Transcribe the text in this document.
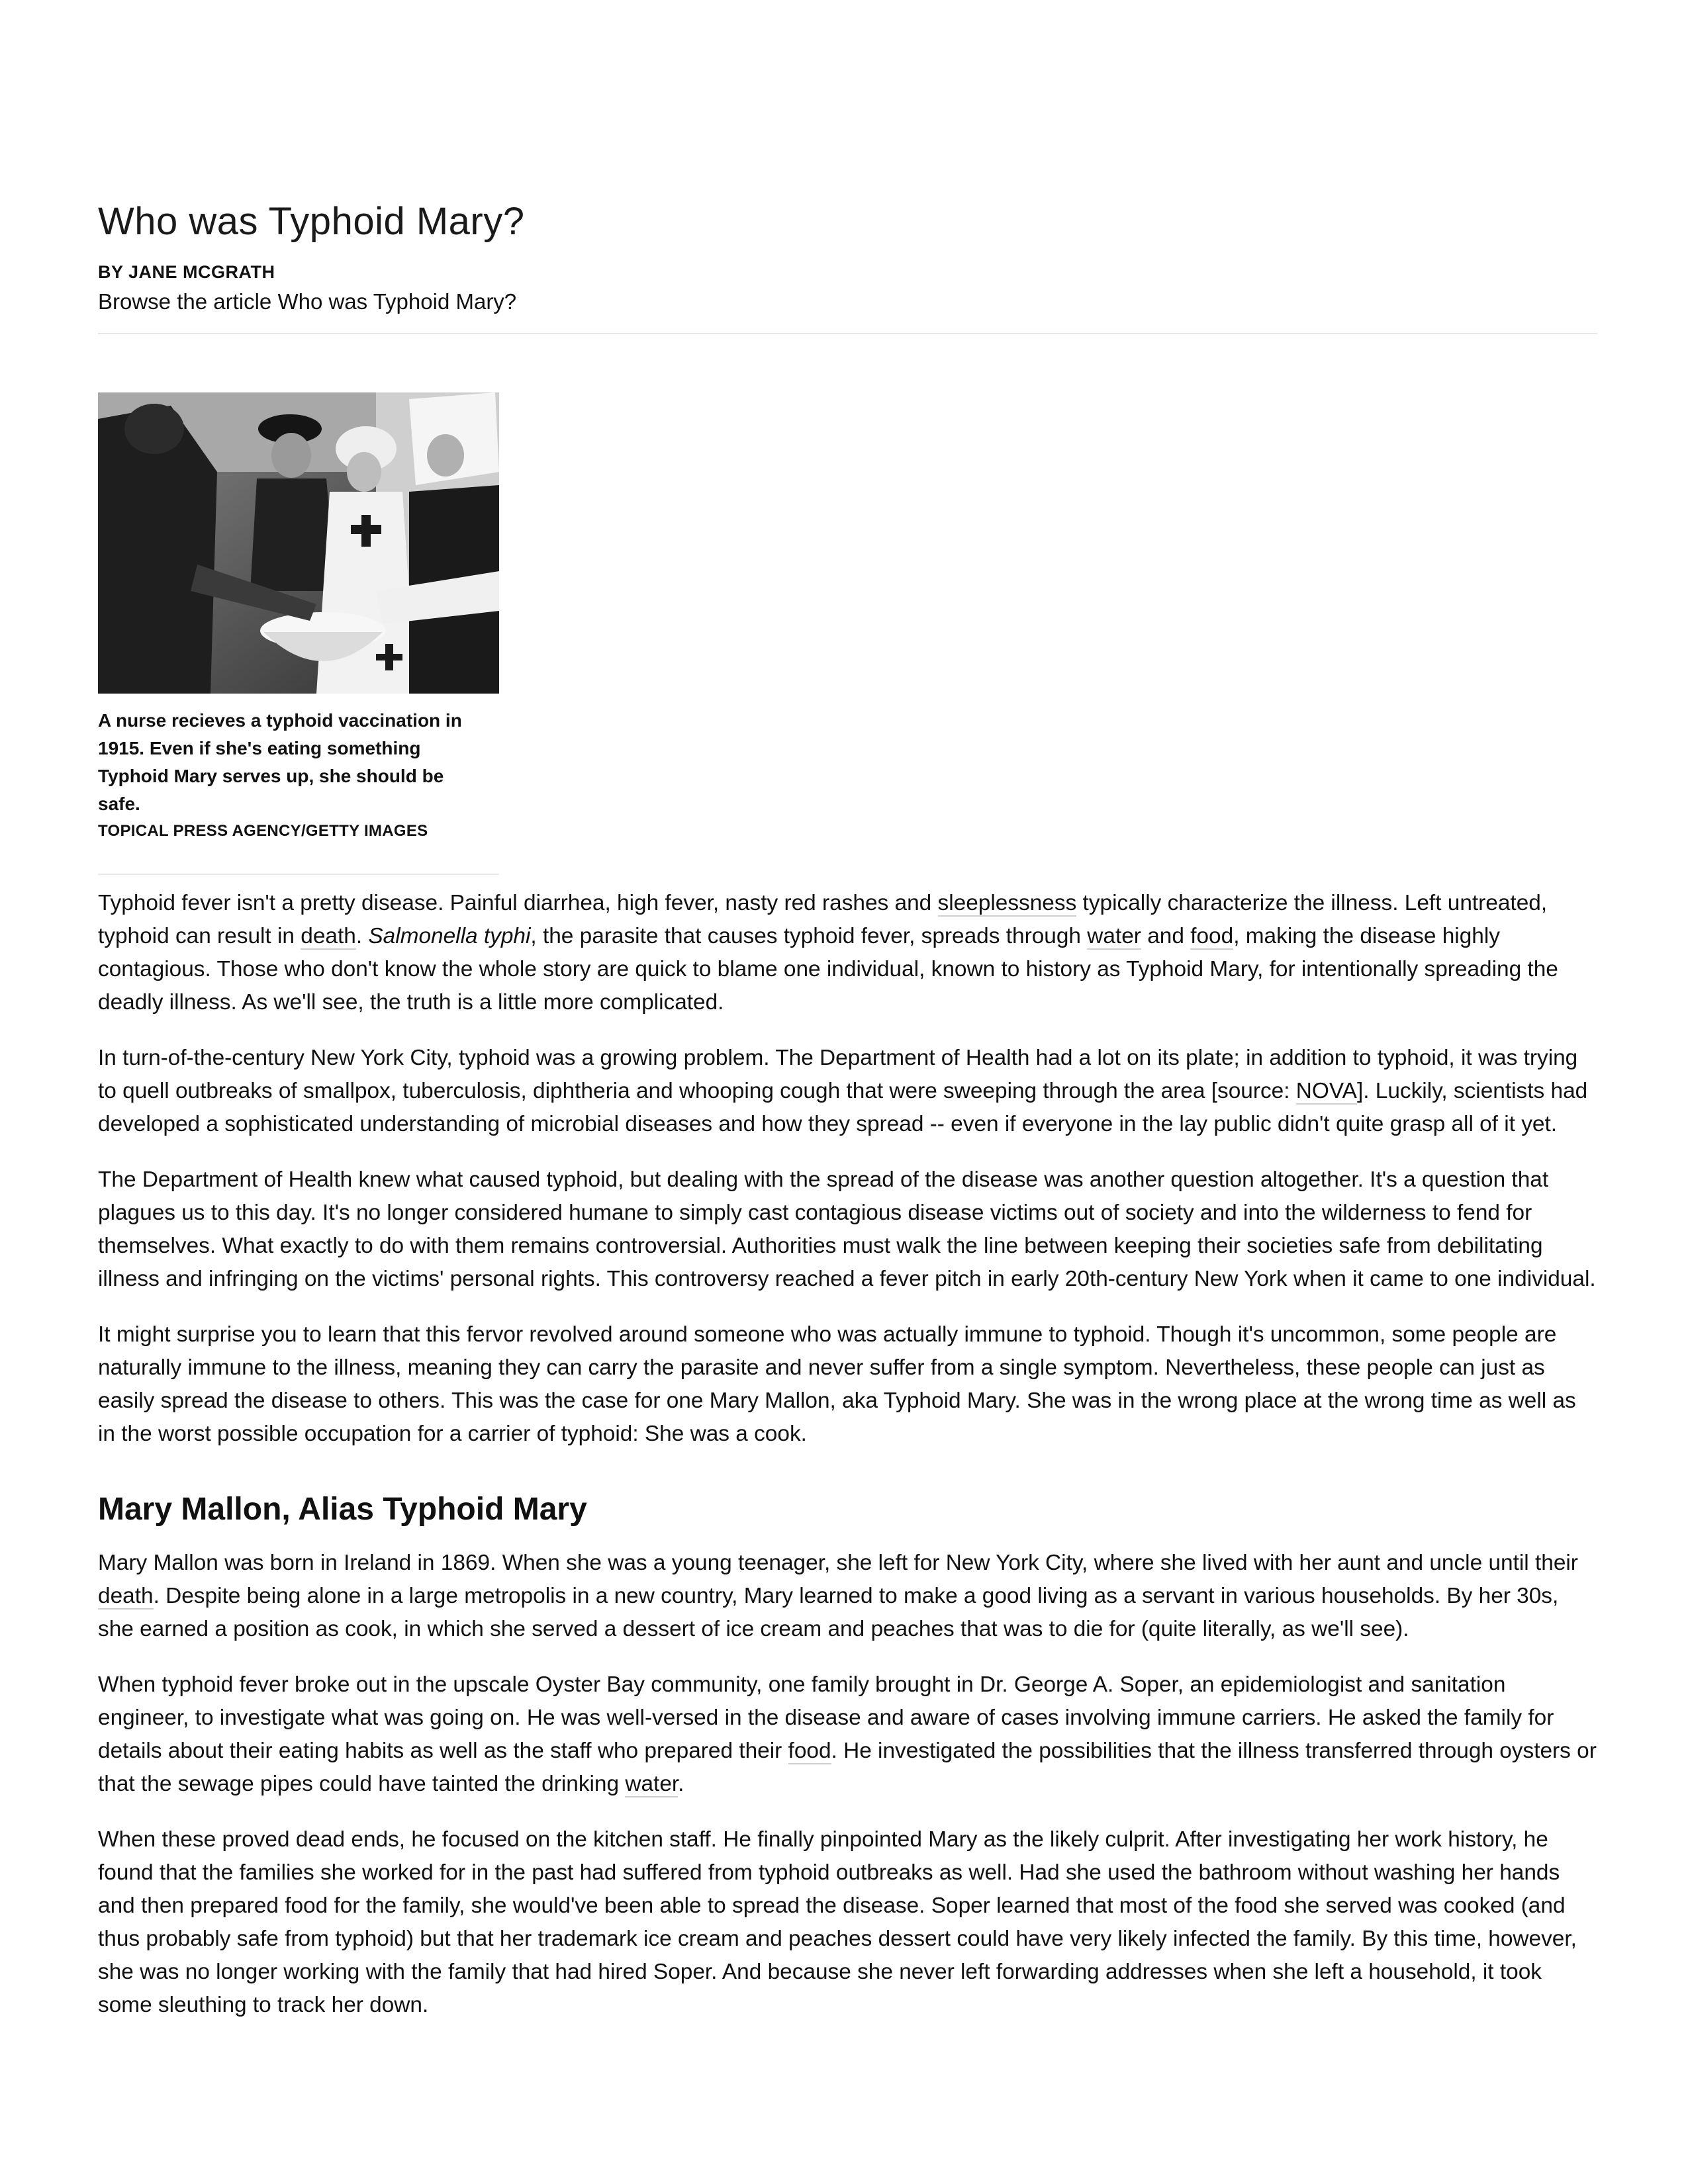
Who was Typhoid Mary?
BY JANE MCGRATH
Browse the article Who was Typhoid Mary?
A nurse recieves a typhoid vaccination in 1915. Even if she's eating something Typhoid Mary serves up, she should be safe.
TOPICAL PRESS AGENCY/GETTY IMAGES

Typhoid fever isn't a pretty disease. Painful diarrhea, high fever, nasty red rashes and sleeplessness typically characterize the illness. Left untreated, typhoid can result in death. Salmonella typhi, the parasite that causes typhoid fever, spreads through water and food, making the disease highly contagious. Those who don't know the whole story are quick to blame one individual, known to history as Typhoid Mary, for intentionally spreading the deadly illness. As we'll see, the truth is a little more complicated.

In turn-of-the-century New York City, typhoid was a growing problem. The Department of Health had a lot on its plate; in addition to typhoid, it was trying to quell outbreaks of smallpox, tuberculosis, diphtheria and whooping cough that were sweeping through the area [source: NOVA]. Luckily, scientists had developed a sophisticated understanding of microbial diseases and how they spread -- even if everyone in the lay public didn't quite grasp all of it yet.

The Department of Health knew what caused typhoid, but dealing with the spread of the disease was another question altogether. It's a question that plagues us to this day. It's no longer considered humane to simply cast contagious disease victims out of society and into the wilderness to fend for themselves. What exactly to do with them remains controversial. Authorities must walk the line between keeping their societies safe from debilitating illness and infringing on the victims' personal rights. This controversy reached a fever pitch in early 20th-century New York when it came to one individual.

It might surprise you to learn that this fervor revolved around someone who was actually immune to typhoid. Though it's uncommon, some people are naturally immune to the illness, meaning they can carry the parasite and never suffer from a single symptom. Nevertheless, these people can just as easily spread the disease to others. This was the case for one Mary Mallon, aka Typhoid Mary. She was in the wrong place at the wrong time as well as in the worst possible occupation for a carrier of typhoid: She was a cook.

Mary Mallon, Alias Typhoid Mary

Mary Mallon was born in Ireland in 1869. When she was a young teenager, she left for New York City, where she lived with her aunt and uncle until their death. Despite being alone in a large metropolis in a new country, Mary learned to make a good living as a servant in various households. By her 30s, she earned a position as cook, in which she served a dessert of ice cream and peaches that was to die for (quite literally, as we'll see).

When typhoid fever broke out in the upscale Oyster Bay community, one family brought in Dr. George A. Soper, an epidemiologist and sanitation engineer, to investigate what was going on. He was well-versed in the disease and aware of cases involving immune carriers. He asked the family for details about their eating habits as well as the staff who prepared their food. He investigated the possibilities that the illness transferred through oysters or that the sewage pipes could have tainted the drinking water.

When these proved dead ends, he focused on the kitchen staff. He finally pinpointed Mary as the likely culprit. After investigating her work history, he found that the families she worked for in the past had suffered from typhoid outbreaks as well. Had she used the bathroom without washing her hands and then prepared food for the family, she would've been able to spread the disease. Soper learned that most of the food she served was cooked (and thus probably safe from typhoid) but that her trademark ice cream and peaches dessert could have very likely infected the family. By this time, however, she was no longer working with the family that had hired Soper. And because she never left forwarding addresses when she left a household, it took some sleuthing to track her down.
